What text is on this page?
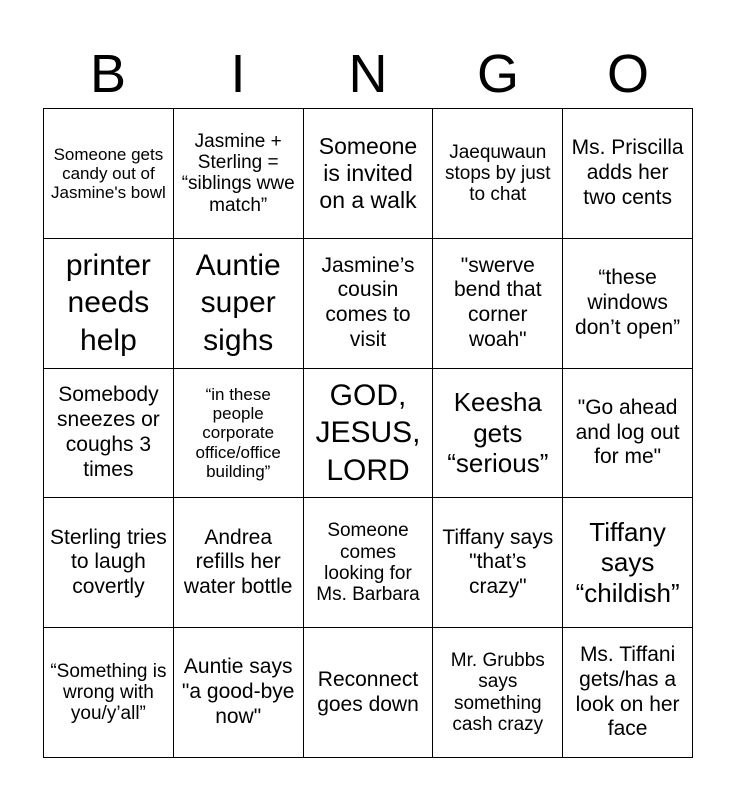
B	I	N	G	O
Someone gets candy out of Jasmine's bowl
Jasmine + Sterling = “siblings wwe match”
Someone is invited on a walk
Jaequwaun stops by just to chat
Ms. Priscilla adds her two cents
printer needs help
Auntie super sighs
Jasmine’s cousin comes to visit
"swerve bend that corner woah"
“these windows don’t open”
Somebody sneezes or coughs 3 times
“in these people corporate office/office building”
GOD, JESUS, LORD
Keesha gets “serious”
"Go ahead and log out for me"
Sterling tries to laugh covertly
Andrea refills her water bottle
Someone comes looking for Ms. Barbara
Tiffany says "that’s crazy"
Tiffany says “childish”
“Something is wrong with you/y’all”
Auntie says "a good-bye now"
Reconnect goes down
Mr. Grubbs says something cash crazy
Ms. Tiffani gets/has a look on her face
